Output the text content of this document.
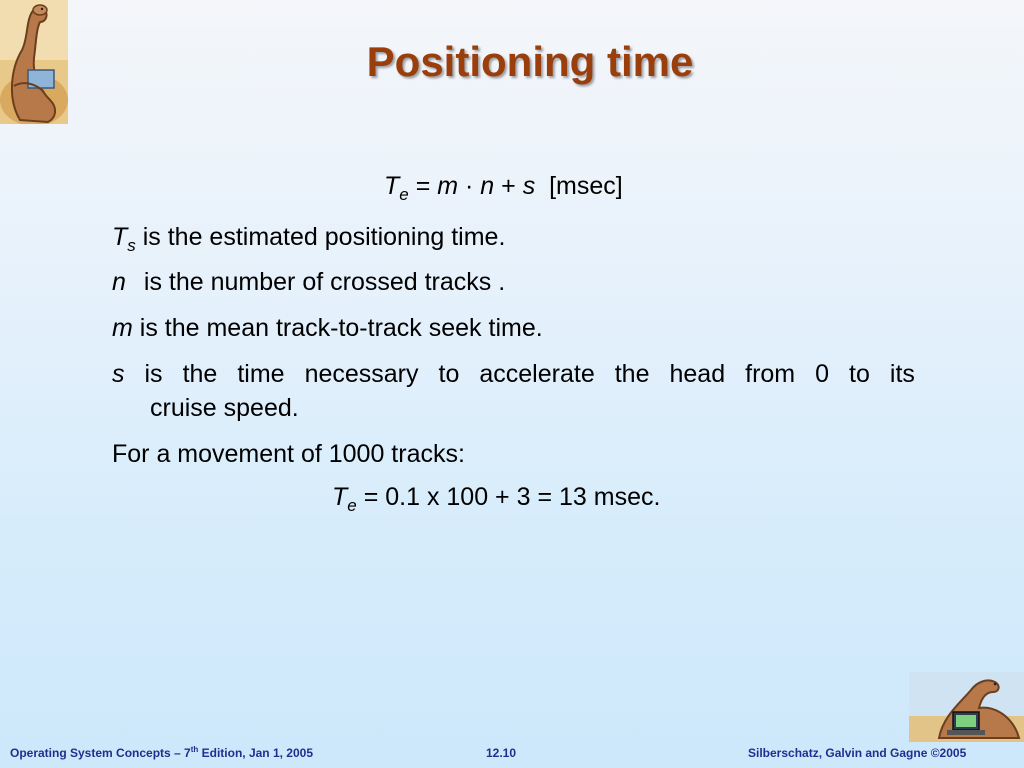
Positioning time
$T_e = m \cdot n + s$  [msec]
$T_s$ is the estimated positioning time.
n is the number of crossed tracks .
m is the mean track-to-track seek time.
s is the time necessary to accelerate the head from 0 to its
cruise speed.
For a movement of 1000 tracks:
$T_e = 0.1$ x 100 + 3 = 13 msec.
Operating System Concepts – 7th Edition, Jan 1, 2005	12.10	Silberschatz, Galvin and Gagne ©2005
